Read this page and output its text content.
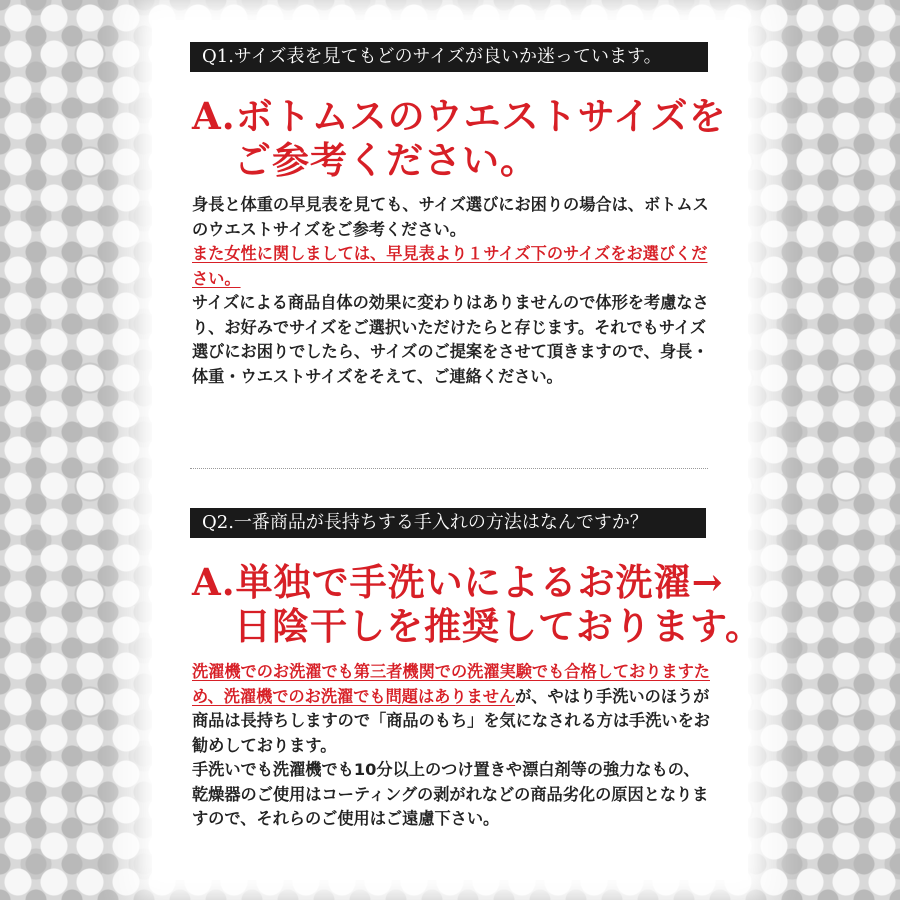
Q1.サイズ表を見てもどのサイズが良いか迷っています。
A.ボトムスのウエストサイズを
ご参考ください。

身長と体重の早見表を見ても、サイズ選びにお困りの場合は、ボトムスのウエストサイズをご参考ください。

また女性に関しましては、早見表より１サイズ下のサイズをお選びください。

サイズによる商品自体の効果に変わりはありませんので体形を考慮なさり、お好みでサイズをご選択いただけたらと存じます。それでもサイズ選びにお困りでしたら、サイズのご提案をさせて頂きますので、身長・体重・ウエストサイズをそえて、ご連絡ください。

Q2.一番商品が長持ちする手入れの方法はなんですか？
A.単独で手洗いによるお洗濯→
日陰干しを推奨しております。

洗濯機でのお洗濯でも第三者機関での洗濯実験でも合格しておりますため、洗濯機でのお洗濯でも問題はありませんが、やはり手洗いのほうが商品は長持ちしますので「商品のもち」を気になされる方は手洗いをお勧めしております。

手洗いでも洗濯機でも10分以上のつけ置きや漂白剤等の強力なもの、乾燥器のご使用はコーティングの剥がれなどの商品劣化の原因となりますので、それらのご使用はご遠慮下さい。
